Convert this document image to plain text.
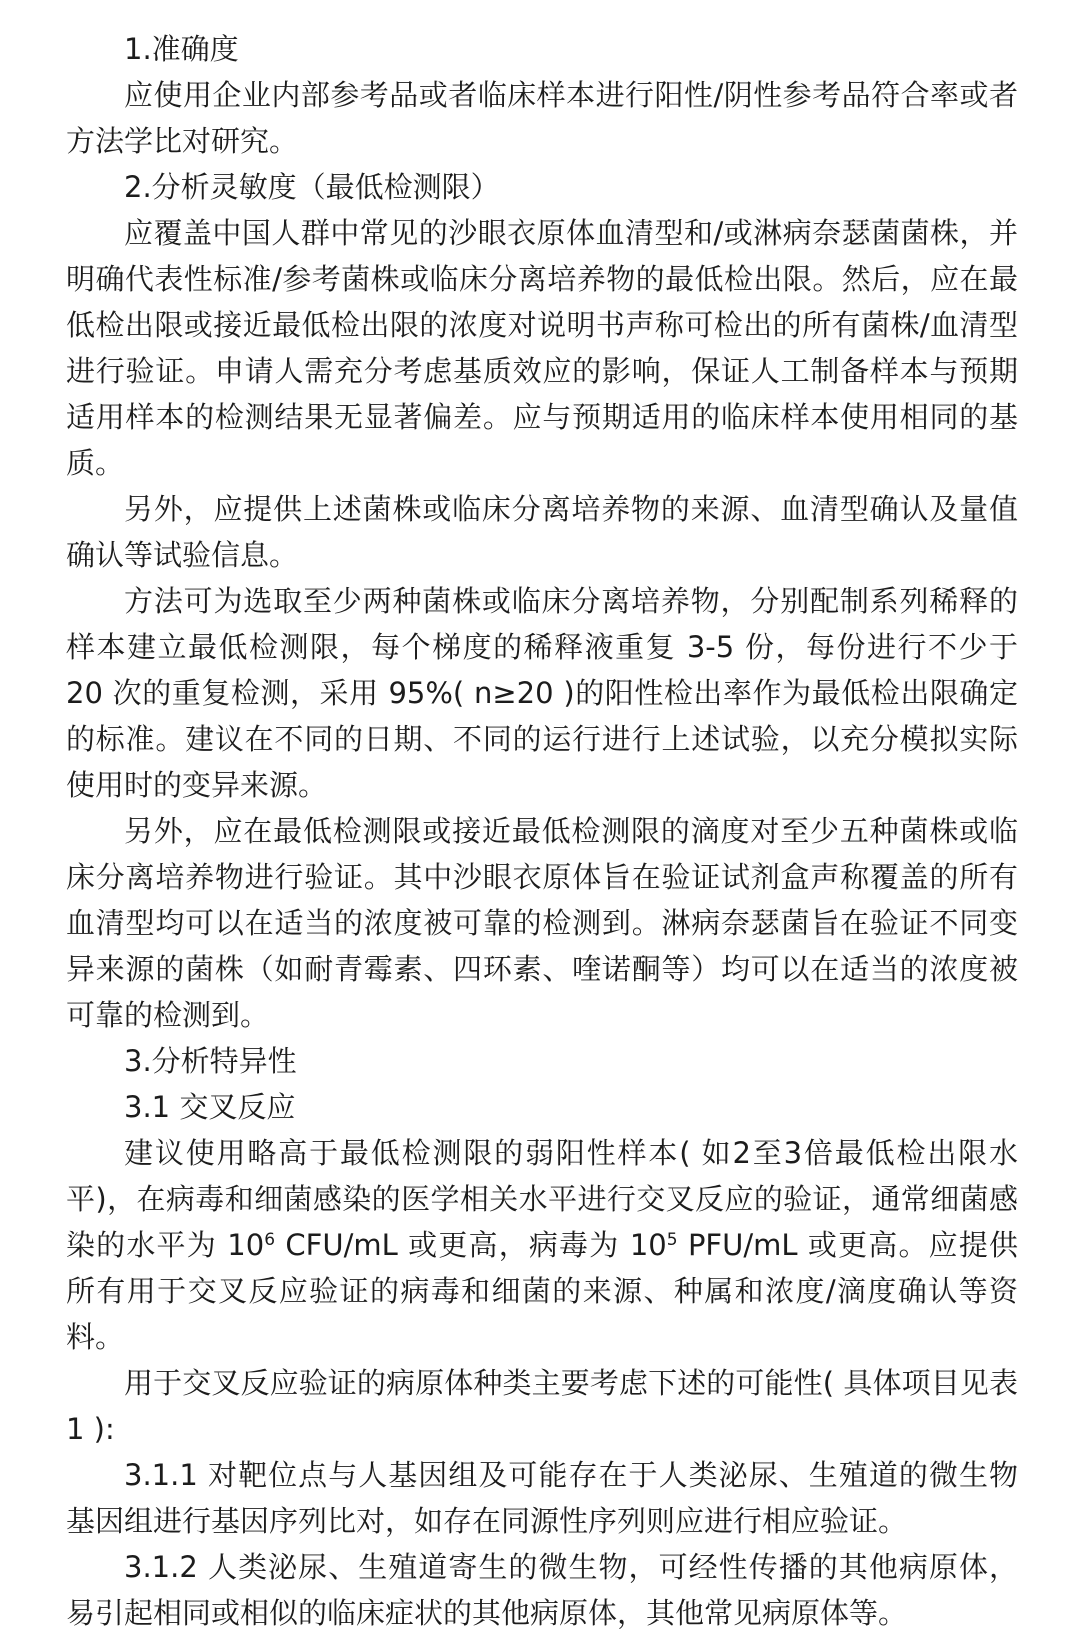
1.准确度

应使用企业内部参考品或者临床样本进行阳性/阴性参考品符合率或者方法学比对研究。

2.分析灵敏度（最低检测限）

应覆盖中国人群中常见的沙眼衣原体血清型和/或淋病奈瑟菌菌株，并明确代表性标准/参考菌株或临床分离培养物的最低检出限。然后，应在最低检出限或接近最低检出限的浓度对说明书声称可检出的所有菌株/血清型进行验证。申请人需充分考虑基质效应的影响，保证人工制备样本与预期适用样本的检测结果无显著偏差。应与预期适用的临床样本使用相同的基质。

另外，应提供上述菌株或临床分离培养物的来源、血清型确认及量值确认等试验信息。

方法可为选取至少两种菌株或临床分离培养物，分别配制系列稀释的样本建立最低检测限，每个梯度的稀释液重复 3-5 份，每份进行不少于 20 次的重复检测，采用 95%( n≥20 )的阳性检出率作为最低检出限确定的标准。建议在不同的日期、不同的运行进行上述试验，以充分模拟实际使用时的变异来源。

另外，应在最低检测限或接近最低检测限的滴度对至少五种菌株或临床分离培养物进行验证。其中沙眼衣原体旨在验证试剂盒声称覆盖的所有血清型均可以在适当的浓度被可靠的检测到。淋病奈瑟菌旨在验证不同变异来源的菌株（如耐青霉素、四环素、喹诺酮等）均可以在适当的浓度被可靠的检测到。

3.分析特异性

3.1 交叉反应

建议使用略高于最低检测限的弱阳性样本( 如2至3倍最低检出限水平)，在病毒和细菌感染的医学相关水平进行交叉反应的验证，通常细菌感染的水平为 $10^6$ CFU/mL 或更高，病毒为 $10^5$ PFU/mL 或更高。应提供所有用于交叉反应验证的病毒和细菌的来源、种属和浓度/滴度确认等资料。

用于交叉反应验证的病原体种类主要考虑下述的可能性( 具体项目见表 1 ):

3.1.1 对靶位点与人基因组及可能存在于人类泌尿、生殖道的微生物基因组进行基因序列比对，如存在同源性序列则应进行相应验证。

3.1.2 人类泌尿、生殖道寄生的微生物，可经性传播的其他病原体，易引起相同或相似的临床症状的其他病原体，其他常见病原体等。
